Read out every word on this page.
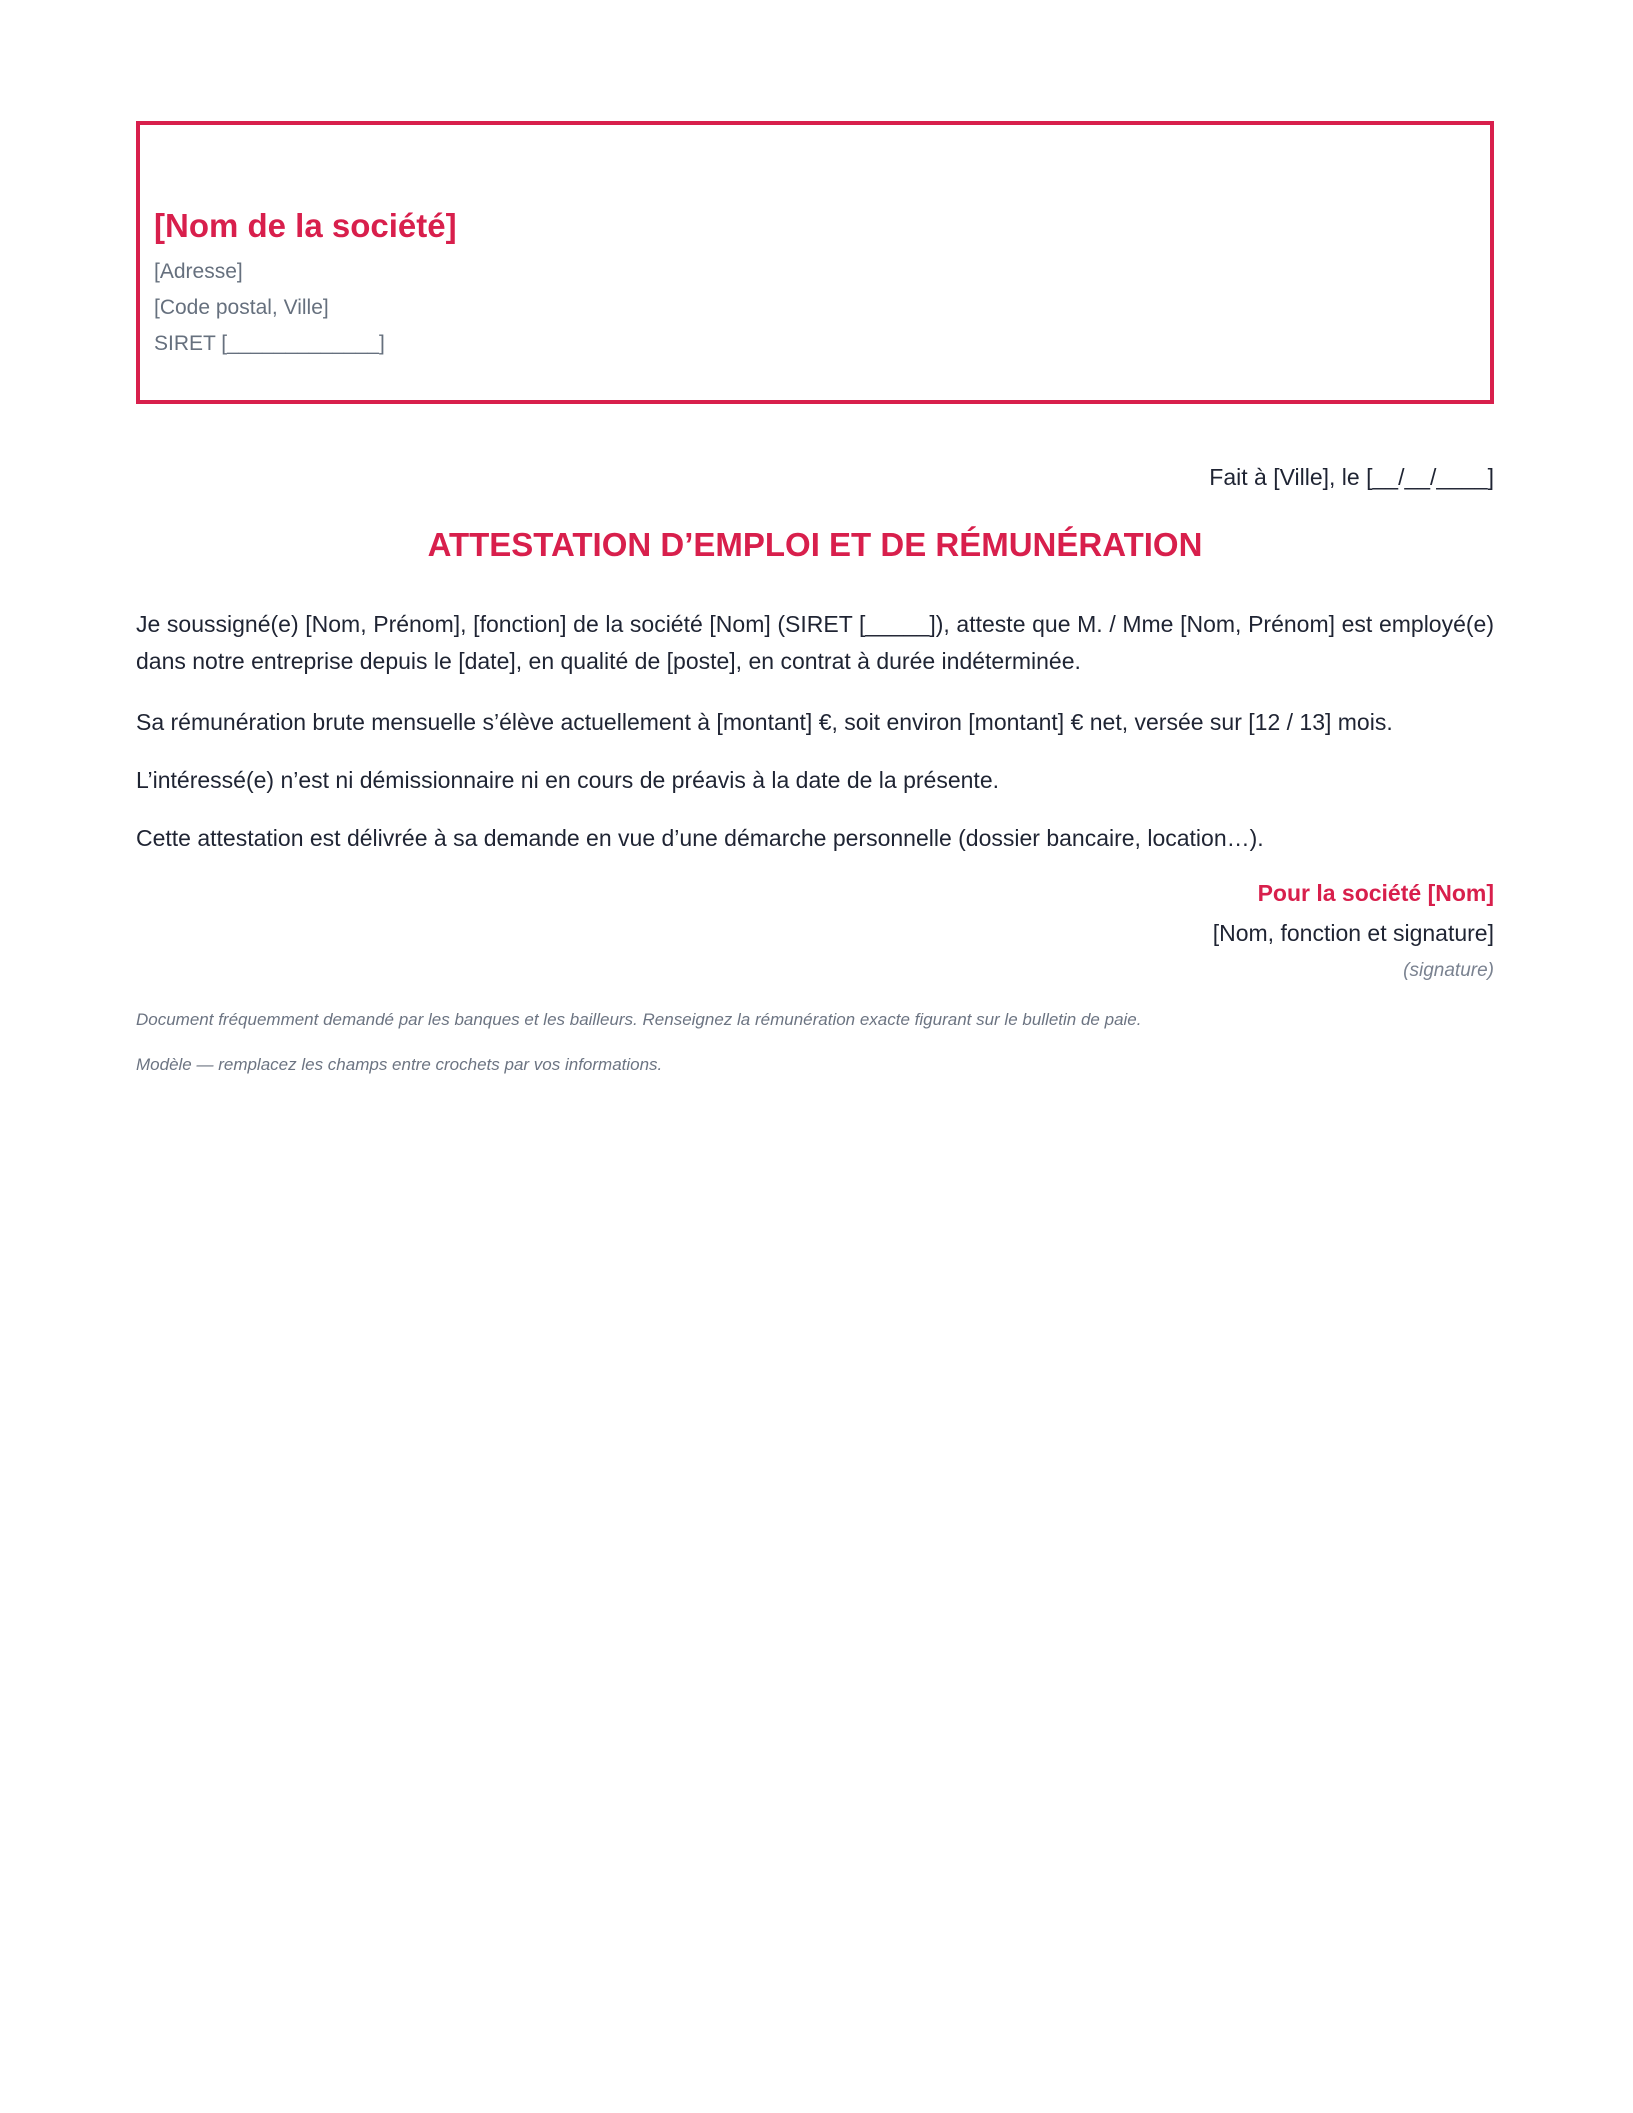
[Nom de la société]
[Adresse]
[Code postal, Ville]
SIRET [_____________]
Fait à [Ville], le [__/__/____]
ATTESTATION D’EMPLOI ET DE RÉMUNÉRATION
Je soussigné(e) [Nom, Prénom], [fonction] de la société [Nom] (SIRET [_____]), atteste que M. / Mme [Nom, Prénom] est employé(e) dans notre entreprise depuis le [date], en qualité de [poste], en contrat à durée indéterminée.
Sa rémunération brute mensuelle s’élève actuellement à [montant] €, soit environ [montant] € net, versée sur [12 / 13] mois.
L’intéressé(e) n’est ni démissionnaire ni en cours de préavis à la date de la présente.
Cette attestation est délivrée à sa demande en vue d’une démarche personnelle (dossier bancaire, location…).
Pour la société [Nom]
[Nom, fonction et signature]
(signature)
Document fréquemment demandé par les banques et les bailleurs. Renseignez la rémunération exacte figurant sur le bulletin de paie.
Modèle — remplacez les champs entre crochets par vos informations.
